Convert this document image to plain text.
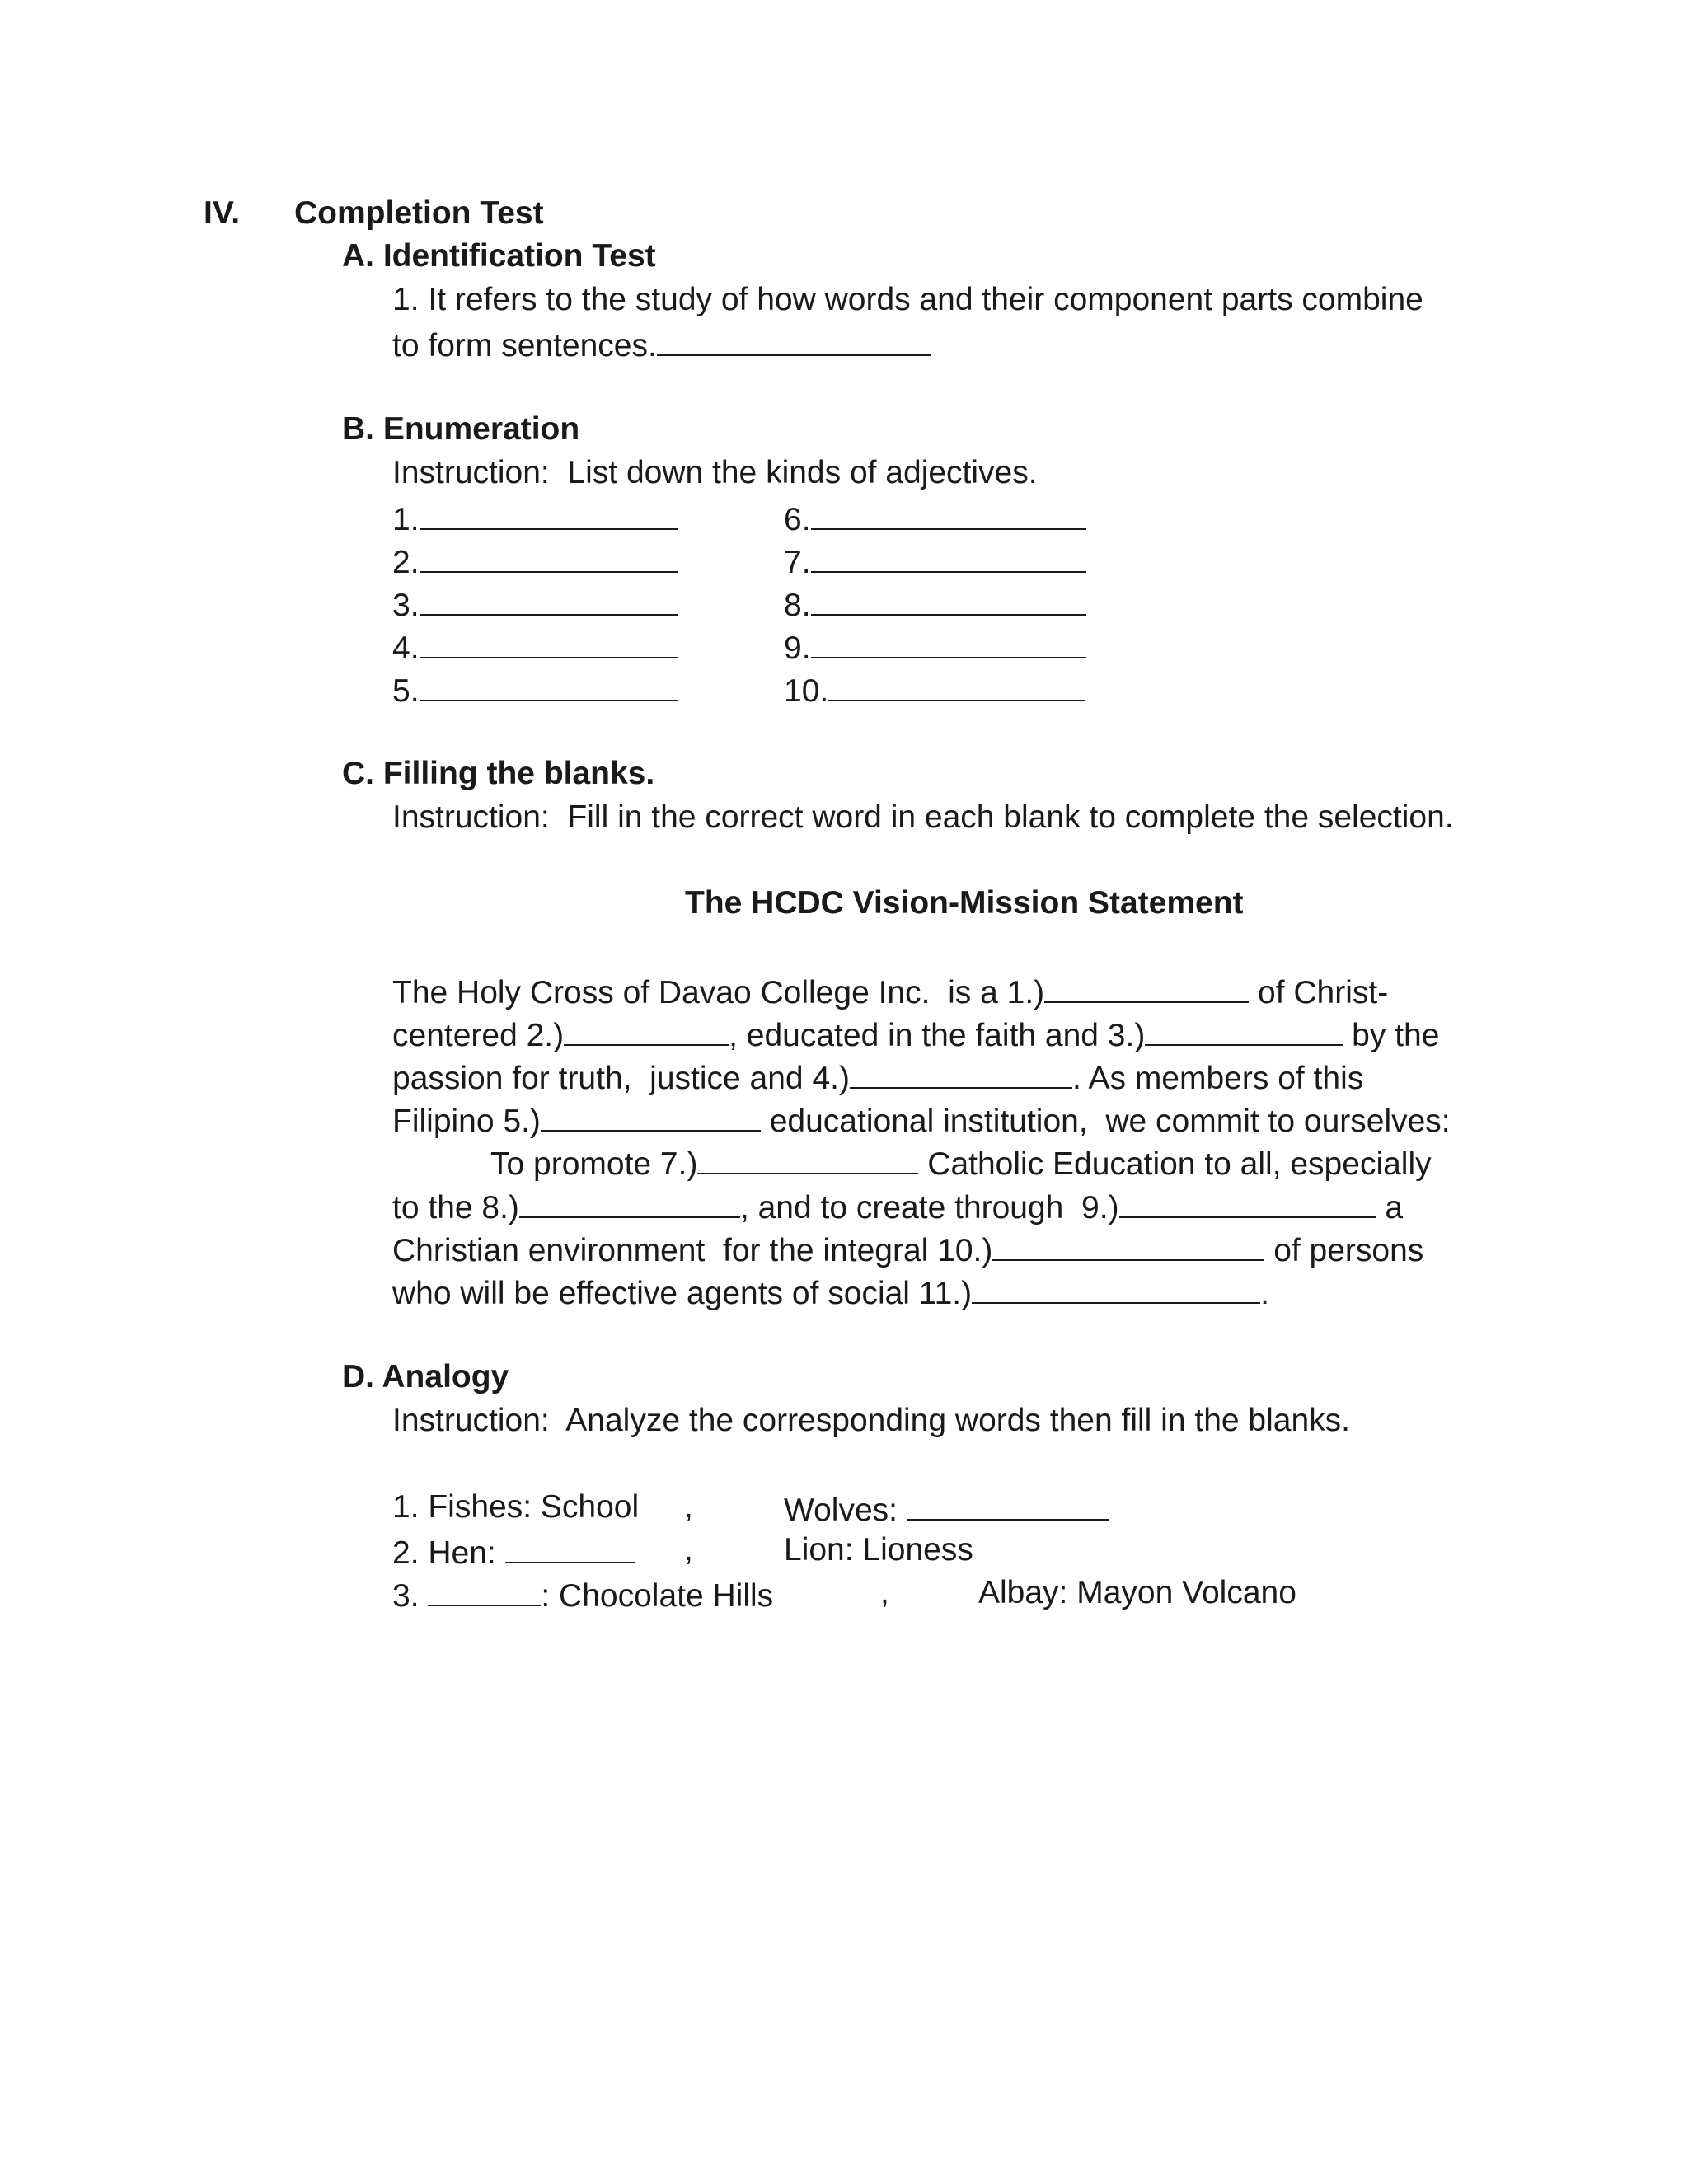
IV. Completion Test
A. Identification Test
1. It refers to the study of how words and their component parts combine
to form sentences.
B. Enumeration
Instruction:  List down the kinds of adjectives.
1.
2.
3.
4.
5.
6.
7.
8.
9.
10.
C. Filling the blanks.
Instruction:  Fill in the correct word in each blank to complete the selection.
The HCDC Vision-Mission Statement
The Holy Cross of Davao College Inc.  is a 1.)	of Christ-
centered 2.)	, educated in the faith and 3.)	by the
passion for truth,  justice and 4.)	. As members of this
Filipino 5.)	educational institution,  we commit to ourselves:
To promote 7.)	Catholic Education to all, especially
to the 8.)	, and to create through  9.)	a
Christian environment  for the integral 10.)	of persons
who will be effective agents of social 11.)	.
D. Analogy
Instruction:  Analyze the corresponding words then fill in the blanks.
1. Fishes: School ,	Wolves:
2. Hen:	,	Lion: Lioness
3.	: Chocolate Hills	,	Albay: Mayon Volcano
